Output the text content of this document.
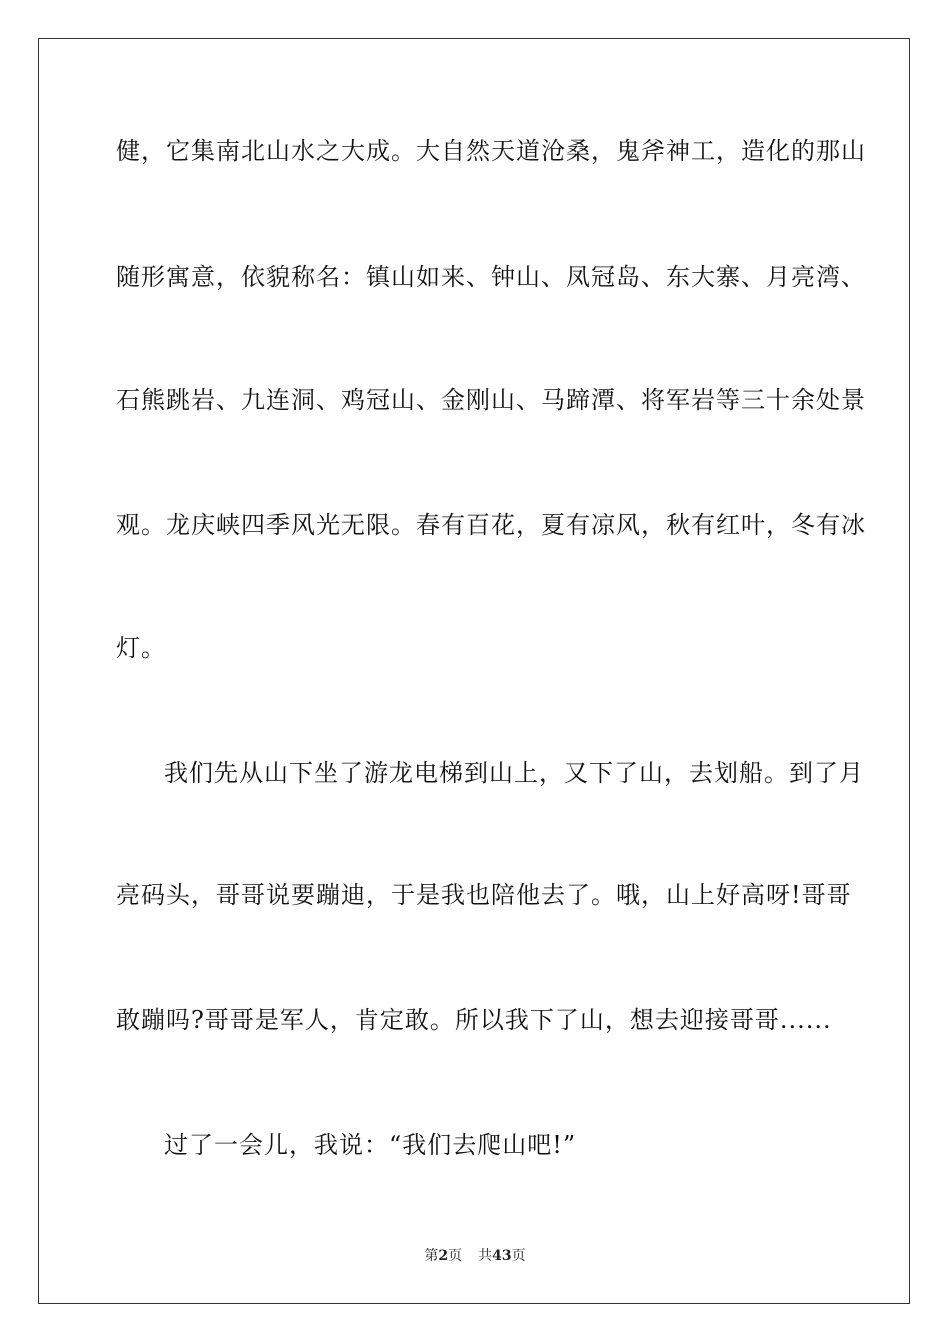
健，它集南北山水之大成。大自然天道沧桑，鬼斧神工，造化的那山
随形寓意，依貌称名：镇山如来、钟山、凤冠岛、东大寨、月亮湾、
石熊跳岩、九连洞、鸡冠山、金刚山、马蹄潭、将军岩等三十余处景
观。龙庆峡四季风光无限。春有百花，夏有凉风，秋有红叶，冬有冰
灯。
我们先从山下坐了游龙电梯到山上，又下了山，去划船。到了月
亮码头，哥哥说要蹦迪，于是我也陪他去了。哦，山上好高呀!哥哥
敢蹦吗?哥哥是军人，肯定敢。所以我下了山，想去迎接哥哥......
过了一会儿，我说：“我们去爬山吧!”
第2页 共43页
